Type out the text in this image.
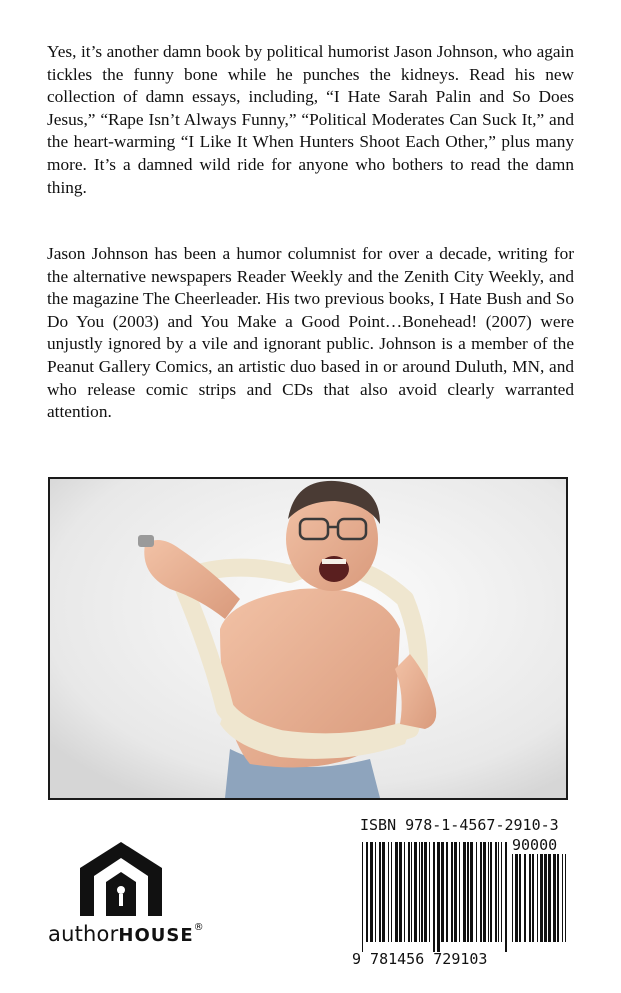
Yes, it’s another damn book by political humorist Jason Johnson, who again tickles the funny bone while he punches the kidneys. Read his new collection of damn essays, including, “I Hate Sarah Palin and So Does Jesus,” “Rape Isn’t Always Funny,” “Political Moderates Can Suck It,” and the heart-warming “I Like It When Hunters Shoot Each Other,” plus many more. It’s a damned wild ride for anyone who bothers to read the damn thing.

Jason Johnson has been a humor columnist for over a decade, writing for the alternative newspapers Reader Weekly and the Zenith City Weekly, and the magazine The Cheerleader. His two previous books, I Hate Bush and So Do You (2003) and You Make a Good Point…Bonehead! (2007) were unjustly ignored by a vile and ignorant public. Johnson is a member of the Peanut Gallery Comics, an artistic duo based in or around Duluth, MN, and who release comic strips and CDs that also avoid clearly warranted attention.

authorHOUSE®
ISBN 978-1-4567-2910-3
90000
9 781456 729103
